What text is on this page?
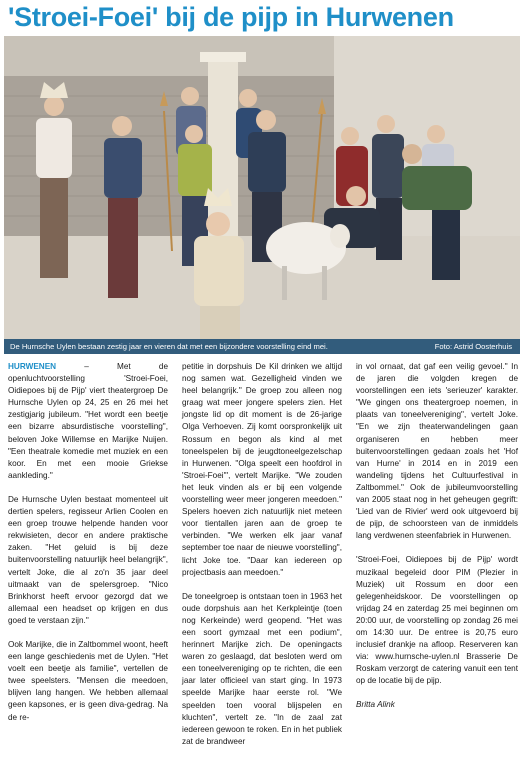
'Stroei-Foei' bij de pijp in Hurwenen
De Hurnsche Uylen bestaan zestig jaar en vieren dat met een bijzondere voorstelling eind mei.	Foto: Astrid Oosterhuis

HURWENEN – Met de openluchtvoorstelling 'Stroei-Foei, Oidiepoes bij de Pijp' viert theatergroep De Hurnsche Uylen op 24, 25 en 26 mei het zestigjarig jubileum. "Het wordt een beetje een bizarre absurdistische voorstelling", beloven Joke Willemse en Marijke Nuijen. "Een theatrale komedie met muziek en een koor. En met een mooie Griekse aankleding."

De Hurnsche Uylen bestaat momenteel uit dertien spelers, regisseur Arlien Coolen en een groep trouwe helpende handen voor rekwisieten, decor en andere praktische zaken. "Het geluid is bij deze buitenvoorstelling natuurlijk heel belangrijk", vertelt Joke, die al zo'n 35 jaar deel uitmaakt van de spelersgroep. "Nico Brinkhorst heeft ervoor gezorgd dat we allemaal een headset op krijgen en dus goed te verstaan zijn."

Ook Marijke, die in Zaltbommel woont, heeft een lange geschiedenis met de Uylen. "Het voelt een beetje als familie", vertellen de twee speelsters. "Mensen die meedoen, blijven lang hangen. We hebben allemaal geen kapsones, er is geen diva-gedrag. Na de re-

petitie in dorpshuis De Kil drinken we altijd nog samen wat. Gezelligheid vinden we heel belangrijk." De groep zou alleen nog graag wat meer jongere spelers zien. Het jongste lid op dit moment is de 26-jarige Olga Verhoeven. Zij komt oorspronkelijk uit Rossum en begon als kind al met toneelspelen bij de jeugdtoneelgezelschap in Hurwenen. "Olga speelt een hoofdrol in 'Stroei-Foei'", vertelt Marijke. "We zouden het leuk vinden als er bij een volgende voorstelling weer meer jongeren meedoen." Spelers hoeven zich natuurlijk niet meteen voor tientallen jaren aan de groep te verbinden. "We werken elk jaar vanaf september toe naar de nieuwe voorstelling", licht Joke toe. "Daar kan iedereen op projectbasis aan meedoen."

De toneelgroep is ontstaan toen in 1963 het oude dorpshuis aan het Kerkpleintje (toen nog Kerkeinde) werd geopend. "Het was een soort gymzaal met een podium", herinnert Marijke zich. De openingacts waren zo geslaagd, dat besloten werd om een toneelvereniging op te richten, die een jaar later officieel van start ging. In 1973 speelde Marijke haar eerste rol. "We speelden toen vooral blijspelen en kluchten", vertelt ze. "In de zaal zat iedereen gewoon te roken. En in het publiek zat de brandweer

in vol ornaat, dat gaf een veilig gevoel." In de jaren die volgden kregen de voorstellingen een iets 'serieuzer' karakter. "We gingen ons theatergroep noemen, in plaats van toneelvereniging", vertelt Joke. "En we zijn theaterwandelingen gaan organiseren en hebben meer buitenvoorstellingen gedaan zoals het 'Hof van Hurne' in 2014 en in 2019 een wandeling tijdens het Cultuurfestival in Zaltbommel." Ook de jubileumvoorstelling van 2005 staat nog in het geheugen gegrift: 'Lied van de Rivier' werd ook uitgevoerd bij de pijp, de schoorsteen van de inmiddels lang verdwenen steenfabriek in Hurwenen.

'Stroei-Foei, Oidiepoes bij de Pijp' wordt muzikaal begeleid door PIM (Plezier in Muziek) uit Rossum en door een gelegenheidskoor. De voorstellingen op vrijdag 24 en zaterdag 25 mei beginnen om 20:00 uur, de voorstelling op zondag 26 mei om 14:30 uur. De entree is 20,75 euro inclusief drankje na afloop. Reserveren kan via: www.hurnsche-uylen.nl Brasserie De Roskam verzorgt de catering vanuit een tent op de locatie bij de pijp.

Britta Alink
